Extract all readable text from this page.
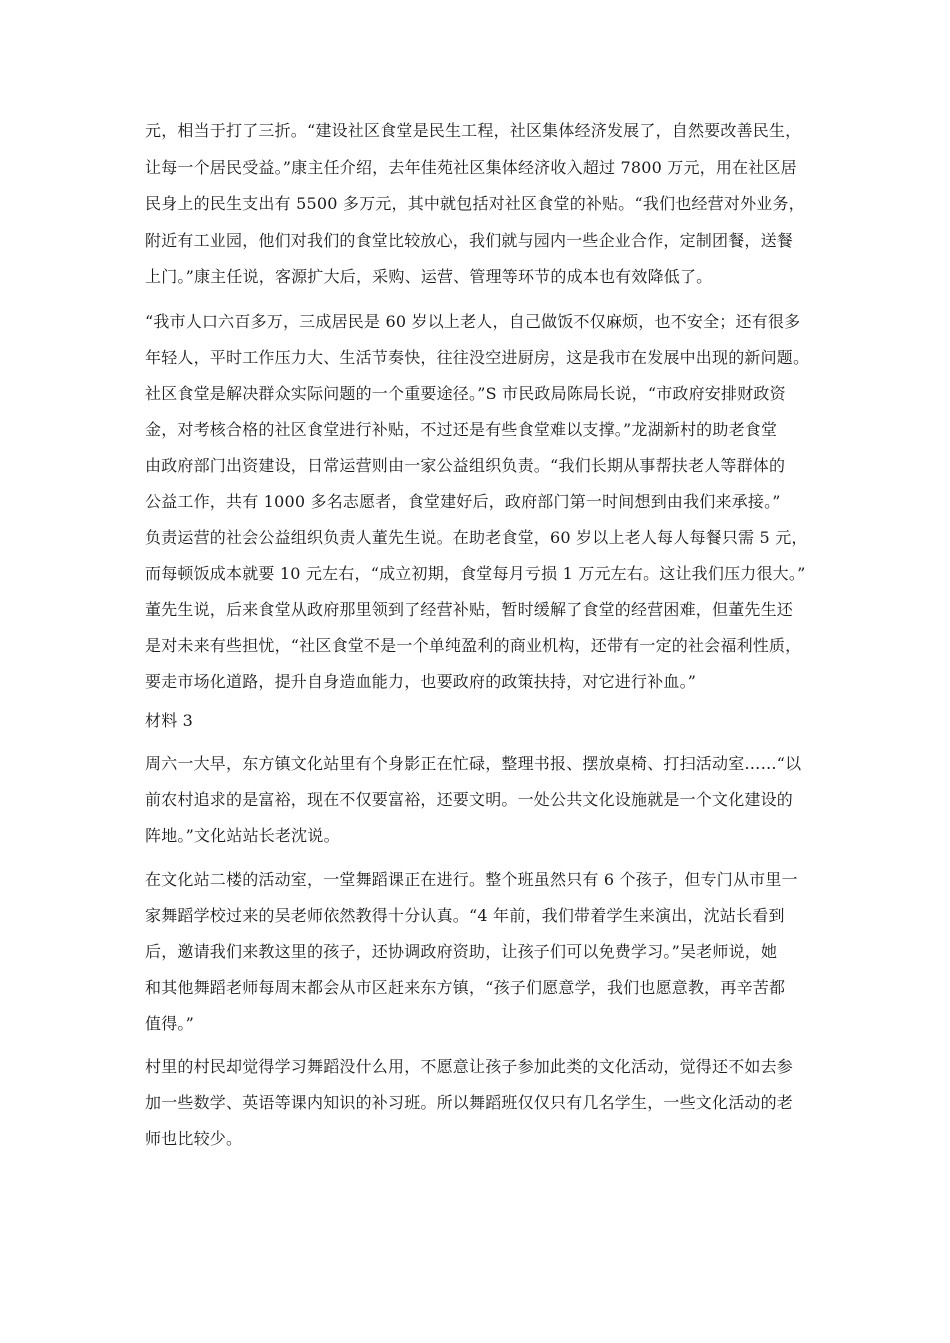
元，相当于打了三折。“建设社区食堂是民生工程，社区集体经济发展了，自然要改善民生，
让每一个居民受益。”康主任介绍，去年佳苑社区集体经济收入超过 7800 万元，用在社区居
民身上的民生支出有 5500 多万元，其中就包括对社区食堂的补贴。“我们也经营对外业务，
附近有工业园，他们对我们的食堂比较放心，我们就与园内一些企业合作，定制团餐，送餐
上门。”康主任说，客源扩大后，采购、运营、管理等环节的成本也有效降低了。
“我市人口六百多万，三成居民是 60 岁以上老人，自己做饭不仅麻烦，也不安全；还有很多
年轻人，平时工作压力大、生活节奏快，往往没空进厨房，这是我市在发展中出现的新问题。
社区食堂是解决群众实际问题的一个重要途径。”S 市民政局陈局长说，“市政府安排财政资
金，对考核合格的社区食堂进行补贴，不过还是有些食堂难以支撑。”龙湖新村的助老食堂
由政府部门出资建设，日常运营则由一家公益组织负责。“我们长期从事帮扶老人等群体的
公益工作，共有 1000 多名志愿者，食堂建好后，政府部门第一时间想到由我们来承接。”
负责运营的社会公益组织负责人董先生说。在助老食堂，60 岁以上老人每人每餐只需 5 元，
而每顿饭成本就要 10 元左右，“成立初期，食堂每月亏损 1 万元左右。这让我们压力很大。”
董先生说，后来食堂从政府那里领到了经营补贴，暂时缓解了食堂的经营困难，但董先生还
是对未来有些担忧，“社区食堂不是一个单纯盈利的商业机构，还带有一定的社会福利性质，
要走市场化道路，提升自身造血能力，也要政府的政策扶持，对它进行补血。”
材料 3
周六一大早，东方镇文化站里有个身影正在忙碌，整理书报、摆放桌椅、打扫活动室……“以
前农村追求的是富裕，现在不仅要富裕，还要文明。一处公共文化设施就是一个文化建设的
阵地。”文化站站长老沈说。
在文化站二楼的活动室，一堂舞蹈课正在进行。整个班虽然只有 6 个孩子，但专门从市里一
家舞蹈学校过来的吴老师依然教得十分认真。“4 年前，我们带着学生来演出，沈站长看到
后，邀请我们来教这里的孩子，还协调政府资助，让孩子们可以免费学习。”吴老师说，她
和其他舞蹈老师每周末都会从市区赶来东方镇，“孩子们愿意学，我们也愿意教，再辛苦都
值得。”
村里的村民却觉得学习舞蹈没什么用，不愿意让孩子参加此类的文化活动，觉得还不如去参
加一些数学、英语等课内知识的补习班。所以舞蹈班仅仅只有几名学生，一些文化活动的老
师也比较少。
